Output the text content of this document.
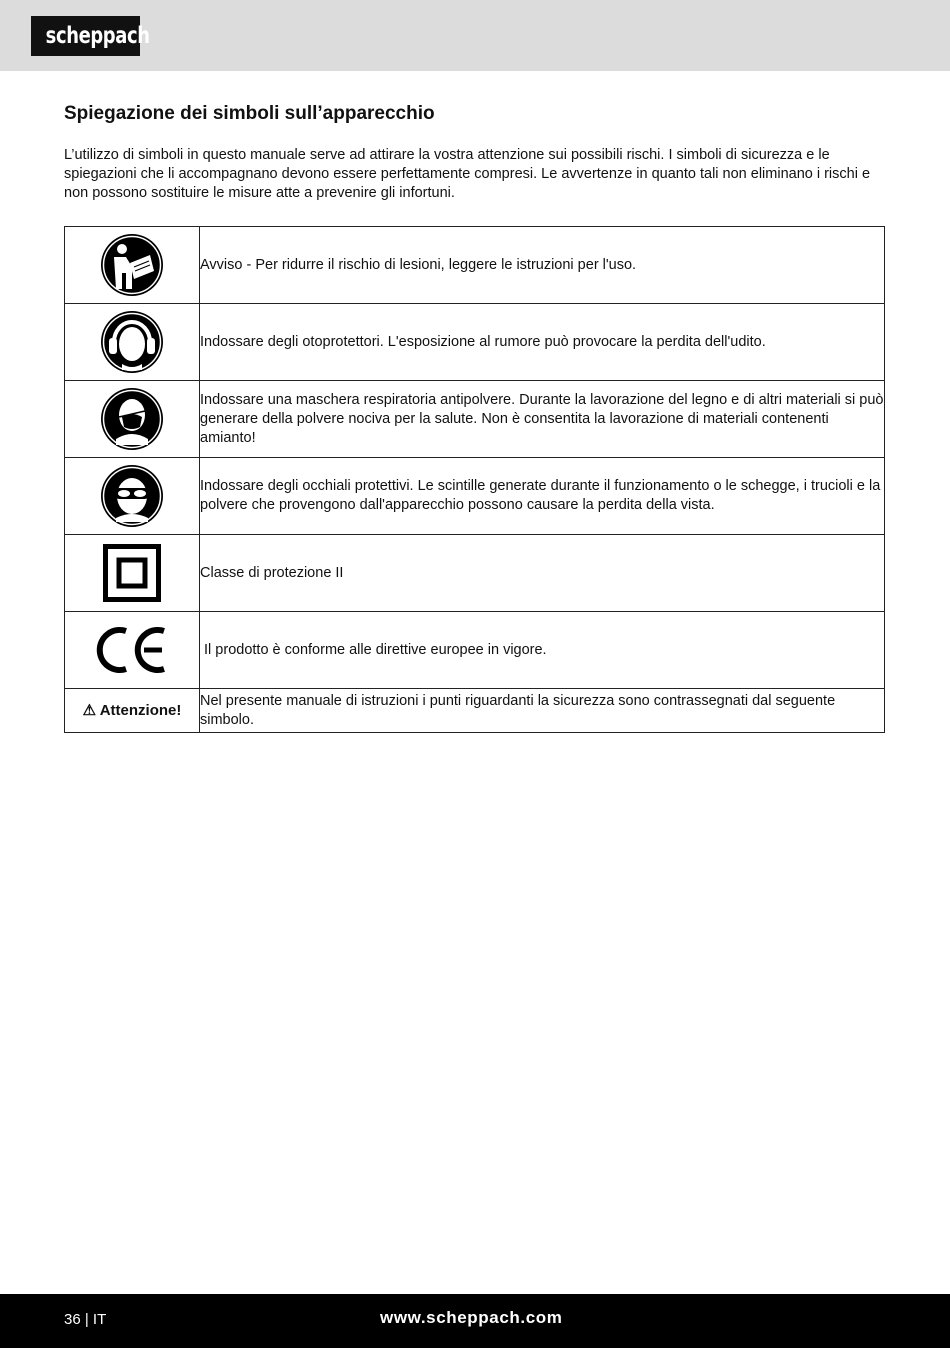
scheppach
Spiegazione dei simboli sull’apparecchio

L’utilizzo di simboli in questo manuale serve ad attirare la vostra attenzione sui possibili rischi. I simboli di sicurezza e le spiegazioni che li accompagnano devono essere perfettamente compresi. Le avvertenze in quanto tali non eliminano i rischi e non possono sostituire le misure atte a prevenire gli infortuni.

	Avviso - Per ridurre il rischio di lesioni, leggere le istruzioni per l'uso.
	Indossare degli otoprotettori. L'esposizione al rumore può provocare la perdita dell'udito.
	Indossare una maschera respiratoria antipolvere. Durante la lavorazione del legno e di altri materiali si può generare della polvere nociva per la salute. Non è consentita la lavorazione di materiali contenenti amianto!
	Indossare degli occhiali protettivi. Le scintille generate durante il funzionamento o le schegge, i trucioli e la polvere che provengono dall'apparecchio possono causare la perdita della vista.
	Classe di protezione II
	Il prodotto è conforme alle direttive europee in vigore.
⚠ Attenzione!	Nel presente manuale di istruzioni i punti riguardanti la sicurezza sono contrassegnati dal seguente simbolo.
36 | IT	www.scheppach.com
